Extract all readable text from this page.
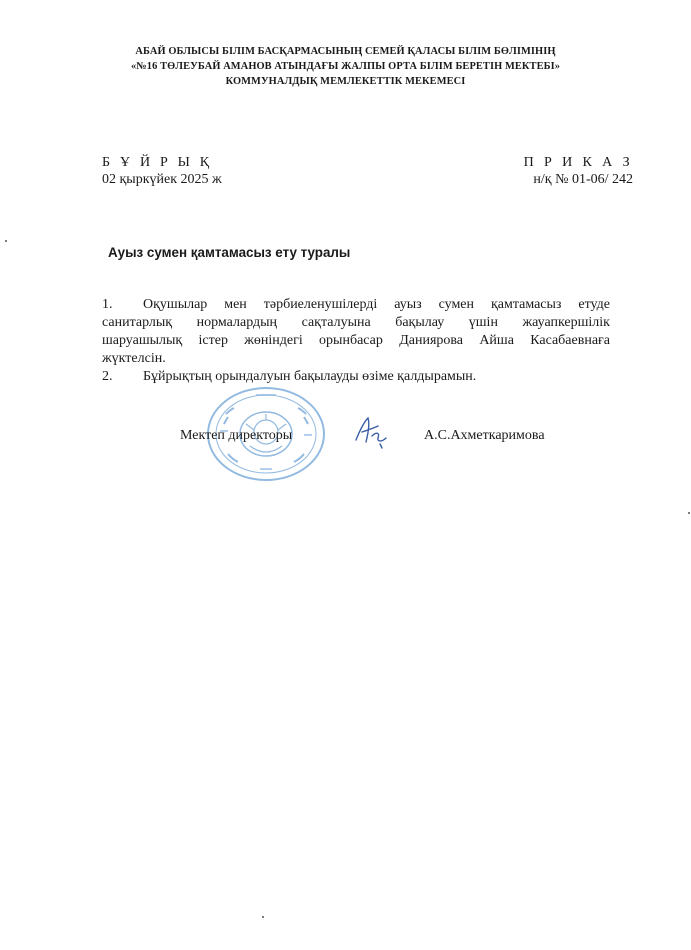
АБАЙ ОБЛЫСЫ БІЛІМ БАСҚАРМАСЫНЫҢ СЕМЕЙ ҚАЛАСЫ БІЛІМ БӨЛІМІНІҢ
«№16 ТӨЛЕУБАЙ АМАНОВ АТЫНДАҒЫ ЖАЛПЫ ОРТА БІЛІМ БЕРЕТІН МЕКТЕБІ»
КОММУНАЛДЫҚ МЕМЛЕКЕТТІК МЕКЕМЕСІ
Б Ұ Й Р Ы Қ
02 қыркүйек 2025 ж
П Р И К А З
н/қ № 01-06/ 242
Ауыз сумен қамтамасыз ету туралы
1. Оқушылар мен тәрбиеленушілерді ауыз сумен қамтамасыз етуде
санитарлық нормалардың сақталуына бақылау үшін жауапкершілік
шаруашылық істер жөніндегі орынбасар Даниярова Айша Касабаевнаға
жүктелсін.
2. Бұйрықтың орындалуын бақылауды өзіме қалдырамын.
Мектеп директоры	А.С.Ахметкаримова
